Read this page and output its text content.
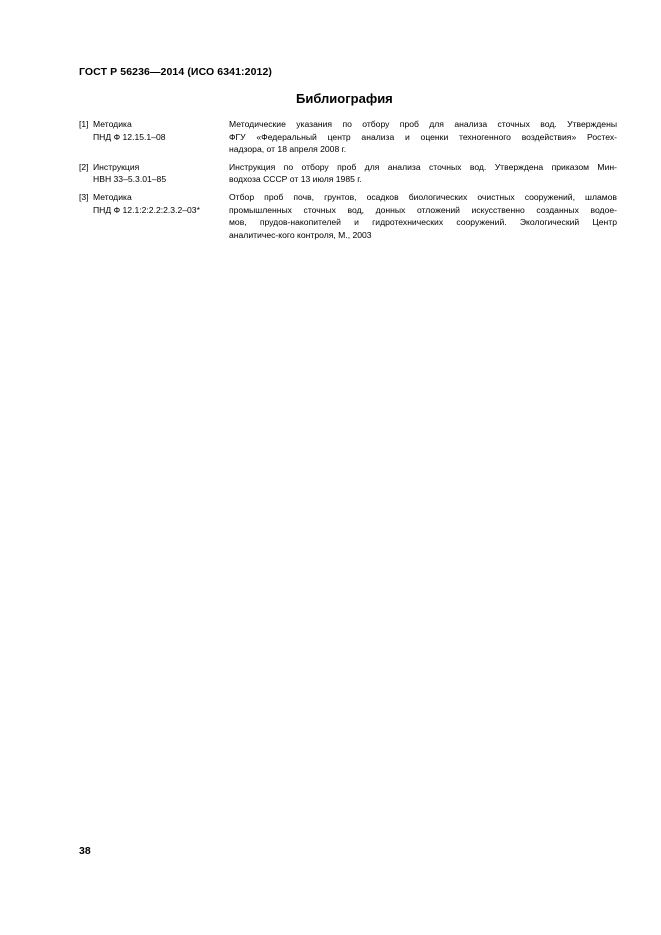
ГОСТ Р 56236—2014 (ИСО 6341:2012)
Библиография
[1] Методика
ПНД Ф 12.15.1–08
Методические указания по отбору проб для анализа сточных вод. Утверждены
ФГУ «Федеральный центр анализа и оценки техногенного воздействия» Ростех-
надзора, от 18 апреля 2008 г.
[2] Инструкция
НВН 33–5.3.01–85
Инструкция по отбору проб для анализа сточных вод. Утверждена приказом Мин-
водхоза СССР от 13 июля 1985 г.
[3] Методика
ПНД Ф 12.1:2:2.2:2.3.2–03*
Отбор проб почв, грунтов, осадков биологических очистных сооружений, шламов
промышленных сточных вод, донных отложений искусственно созданных водое-
мов, прудов-накопителей и гидротехнических сооружений. Экологический Центр
аналитичес-кого контроля, М., 2003
38
